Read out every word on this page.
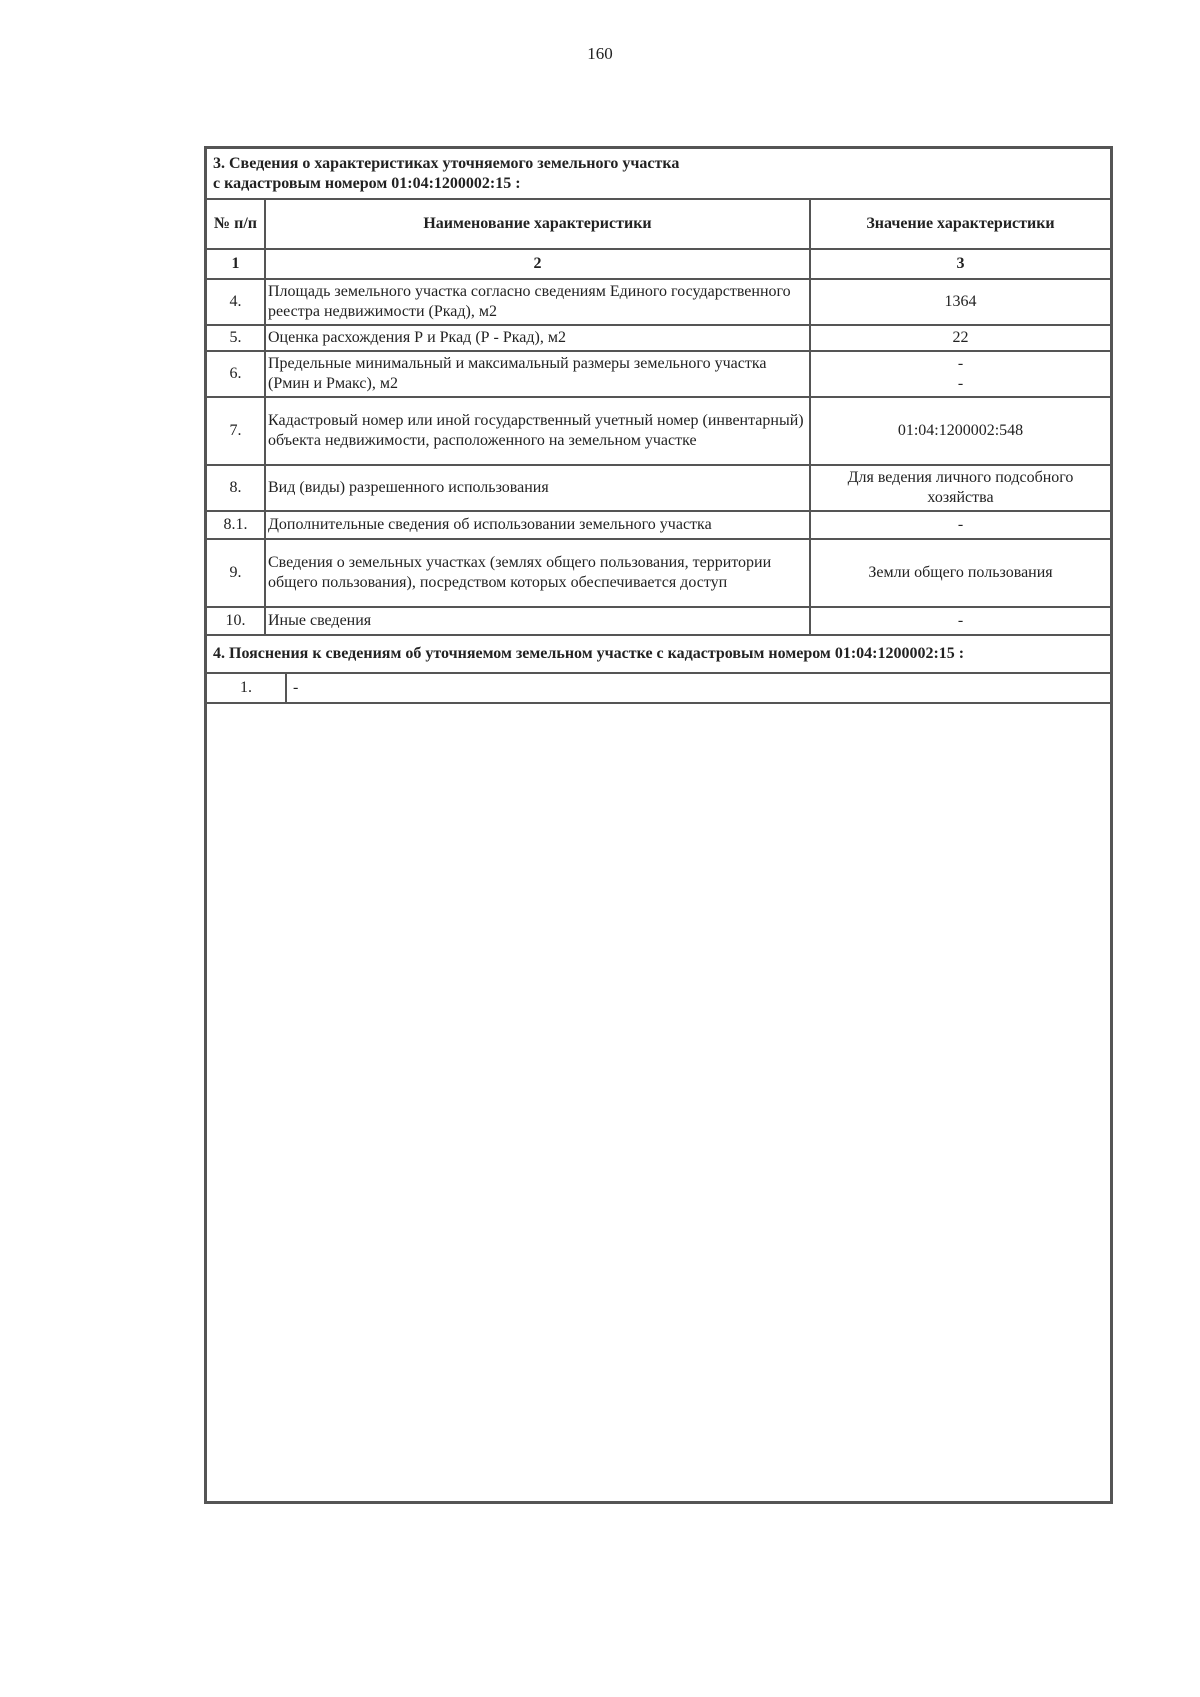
160
3. Сведения о характеристиках уточняемого земельного участка
с кадастровым номером 01:04:1200002:15 :		

№ п/п	Наименование характеристики	Значение характеристики
1	2	3
4.	Площадь земельного участка согласно сведениям Единого государственного реестра недвижимости (Ркад), м2	1364
5.	Оценка расхождения Р и Ркад (Р - Ркад), м2	22
6.	Предельные минимальный и максимальный размеры земельного участка (Рмин и Рмакс), м2	-
-

7.	Кадастровый номер или иной государственный учетный номер (инвентарный) объекта недвижимости, расположенного на земельном участке	01:04:1200002:548
8.	Вид (виды) разрешенного использования	Для ведения личного подсобного хозяйства
8.1.	Дополнительные сведения об использовании земельного участка	-
9.	Сведения о земельных участках (землях общего пользования, территории общего пользования), посредством которых обеспечивается доступ	Земли общего пользования
10.	Иные сведения	-
4. Пояснения к сведениям об уточняемом земельном участке с кадастровым номером 01:04:1200002:15 :		
1.	-
